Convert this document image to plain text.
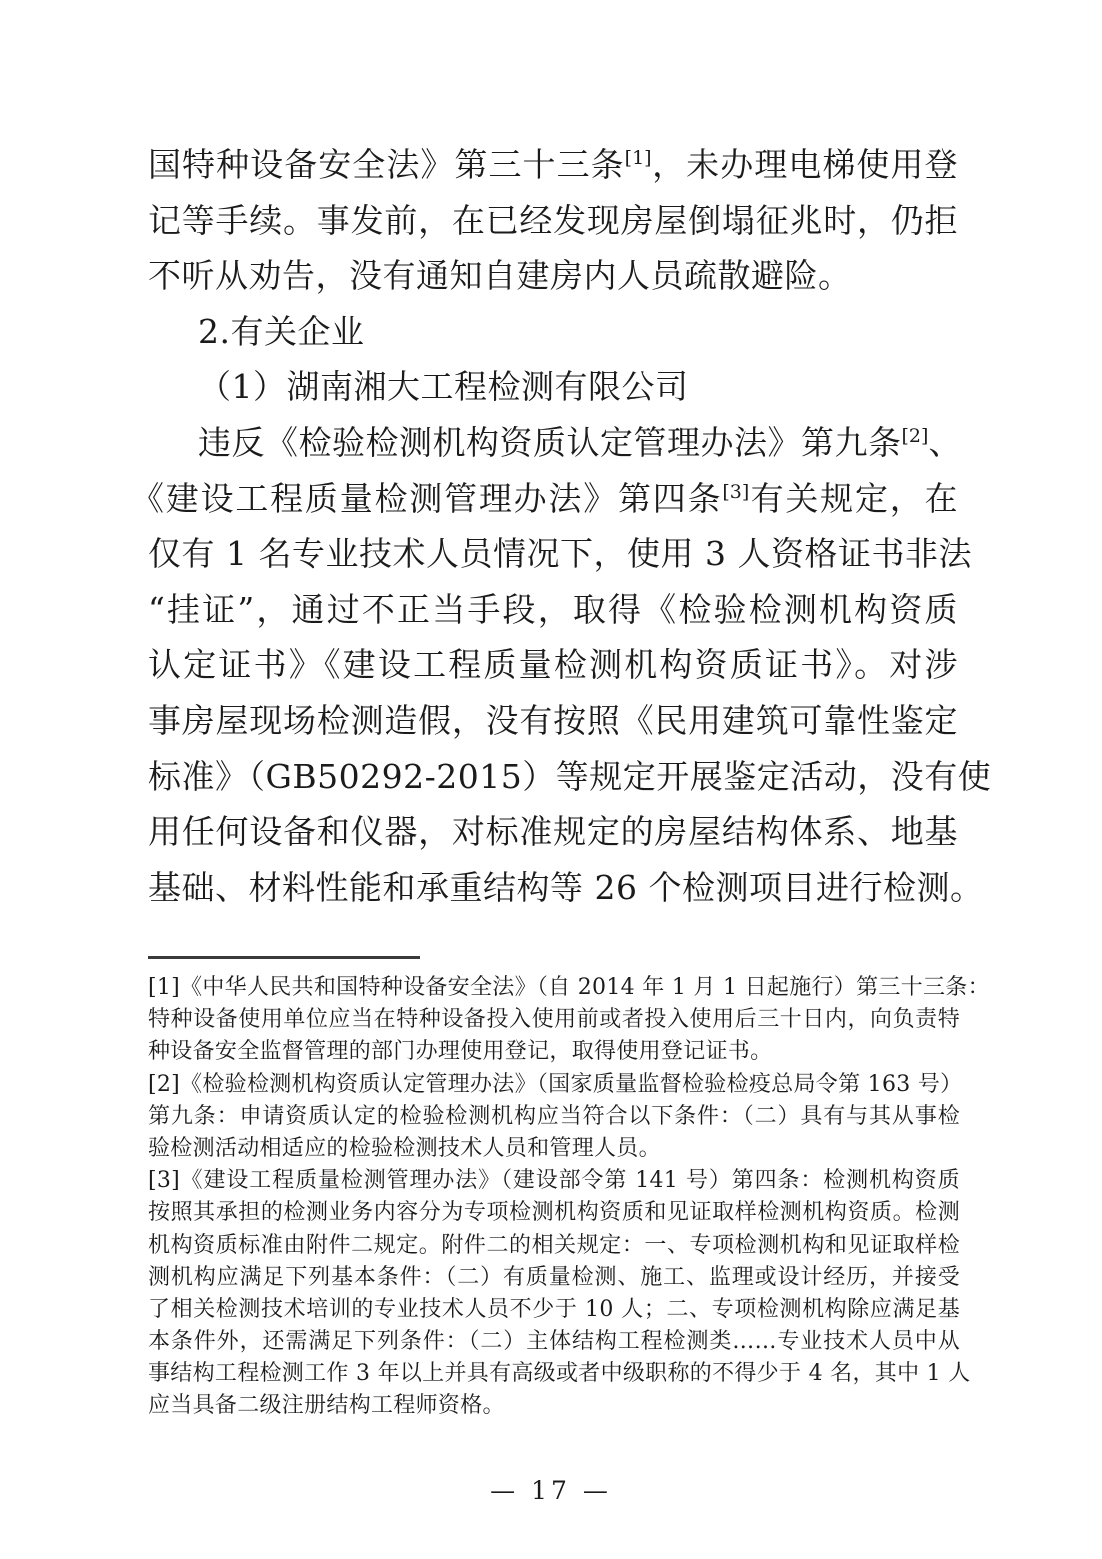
国特种设备安全法》第三十三条[1]，未办理电梯使用登
记等手续。事发前，在已经发现房屋倒塌征兆时，仍拒
不听从劝告，没有通知自建房内人员疏散避险。
2.有关企业
（1）湖南湘大工程检测有限公司
违反《检验检测机构资质认定管理办法》第九条[2]、
《建设工程质量检测管理办法》第四条[3]有关规定，在
仅有 1 名专业技术人员情况下，使用 3 人资格证书非法
“挂证”，通过不正当手段，取得《检验检测机构资质
认定证书》《建设工程质量检测机构资质证书》。对涉
事房屋现场检测造假，没有按照《民用建筑可靠性鉴定
标准》（GB50292-2015）等规定开展鉴定活动，没有使
用任何设备和仪器，对标准规定的房屋结构体系、地基
基础、材料性能和承重结构等 26 个检测项目进行检测。
[1]《中华人民共和国特种设备安全法》（自 2014 年 1 月 1 日起施行）第三十三条：
特种设备使用单位应当在特种设备投入使用前或者投入使用后三十日内，向负责特
种设备安全监督管理的部门办理使用登记，取得使用登记证书。
[2]《检验检测机构资质认定管理办法》（国家质量监督检验检疫总局令第 163 号）
第九条：申请资质认定的检验检测机构应当符合以下条件：（二）具有与其从事检
验检测活动相适应的检验检测技术人员和管理人员。
[3]《建设工程质量检测管理办法》（建设部令第 141 号）第四条：检测机构资质
按照其承担的检测业务内容分为专项检测机构资质和见证取样检测机构资质。检测
机构资质标准由附件二规定。附件二的相关规定：一、专项检测机构和见证取样检
测机构应满足下列基本条件：（二）有质量检测、施工、监理或设计经历，并接受
了相关检测技术培训的专业技术人员不少于 10 人；二、专项检测机构除应满足基
本条件外，还需满足下列条件：（二）主体结构工程检测类……专业技术人员中从
事结构工程检测工作 3 年以上并具有高级或者中级职称的不得少于 4 名，其中 1 人
应当具备二级注册结构工程师资格。
— 17 —
